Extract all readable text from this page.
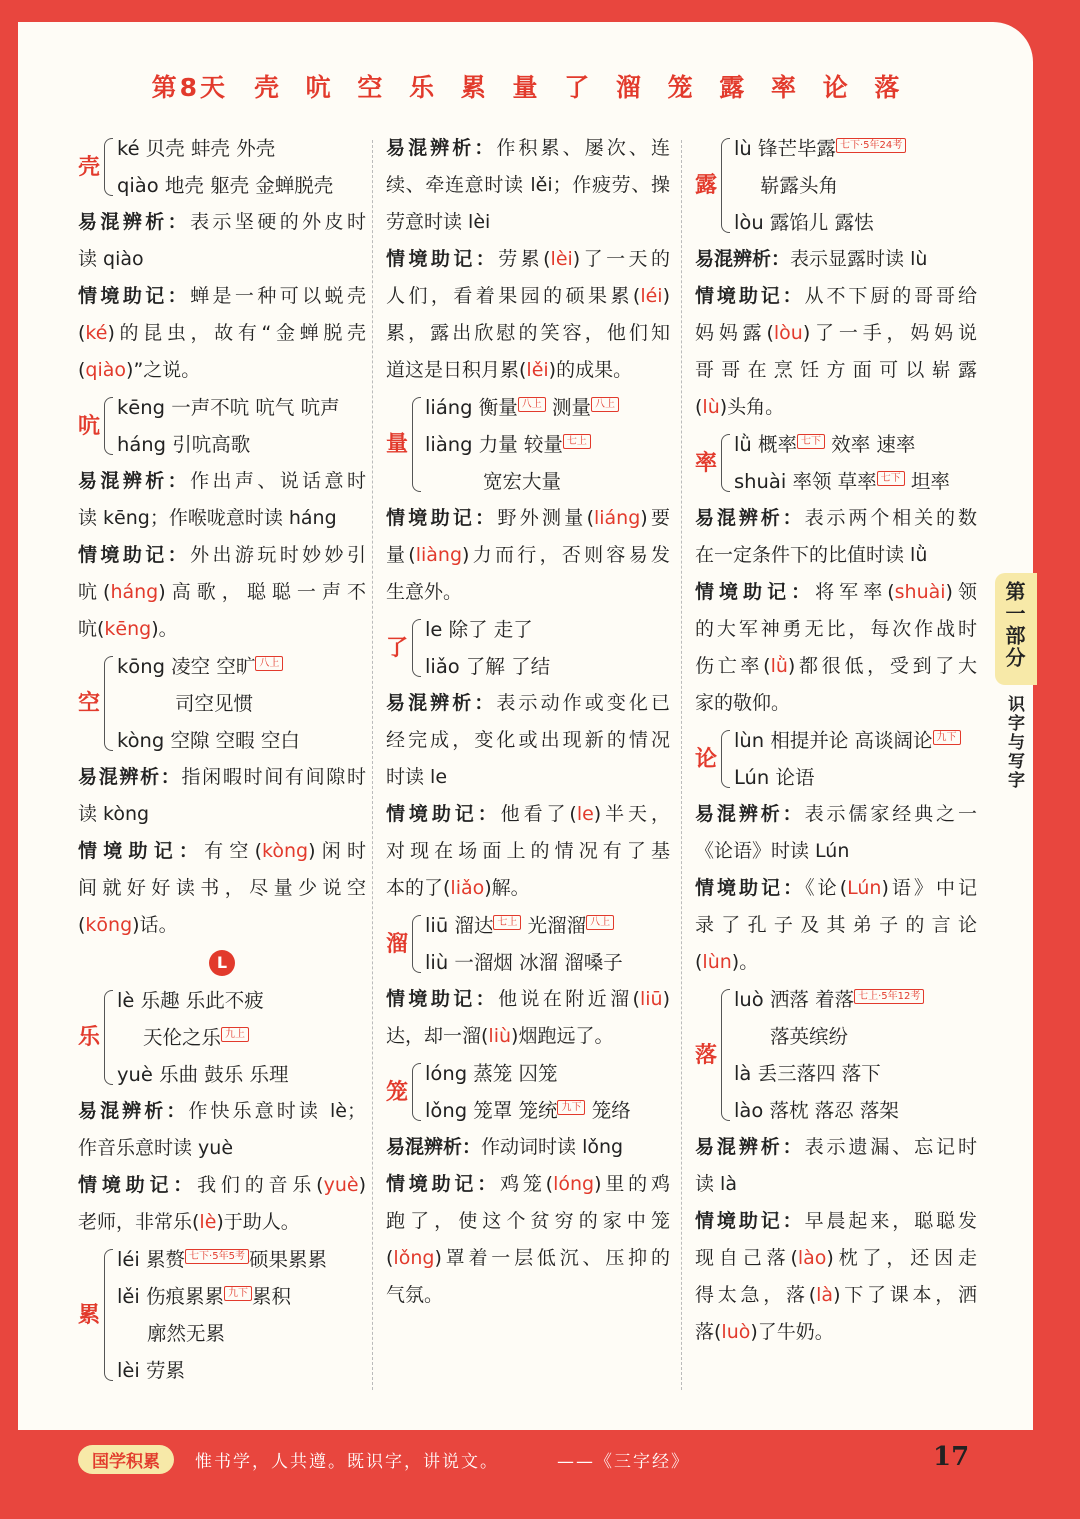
第8天 壳 吭 空 乐 累 量 了 溜 笼 露 率 论 落
壳
ké 贝壳 蚌壳 外壳
qiào 地壳 躯壳 金蝉脱壳
易混辨析：表示坚硬的外皮时
读 qiào
情境助记：蝉是一种可以蜕壳
(ké)的昆虫，故有“金蝉脱壳
(qiào)”之说。
吭
kēng 一声不吭 吭气 吭声
háng 引吭高歌
易混辨析：作出声、说话意时
读 kēng；作喉咙意时读 háng
情境助记：外出游玩时妙妙引
吭(háng)高歌，聪聪一声不
吭(kēng)。
空
kōng 凌空 空旷 八上
司空见惯
kòng 空隙 空暇 空白
易混辨析：指闲暇时间有间隙时
读 kòng
情境助记：有空(kòng)闲时
间就好好读书，尽量少说空
(kōng)话。
L
乐
lè 乐趣 乐此不疲
天伦之乐 九上
yuè 乐曲 鼓乐 乐理
易混辨析：作快乐意时读 lè；
作音乐意时读 yuè
情境助记：我们的音乐(yuè)
老师，非常乐(lè)于助人。
累
léi 累赘 七下·5年5考 硕果累累
lěi 伤痕累累 九下 累积
廓然无累
lèi 劳累
易混辨析：作积累、屡次、连
续、牵连意时读 lěi；作疲劳、操
劳意时读 lèi
情境助记：劳累(lèi)了一天的
人们，看着果园的硕果累(léi)
累，露出欣慰的笑容，他们知
道这是日积月累(lěi)的成果。
量
liáng 衡量 八上 测量 八上
liàng 力量 较量 七上
宽宏大量
情境助记：野外测量(liáng)要
量(liàng)力而行，否则容易发
生意外。
了
le 除了 走了
liǎo 了解 了结
易混辨析：表示动作或变化已
经完成，变化或出现新的情况
时读 le
情境助记：他看了(le)半天，
对现在场面上的情况有了基
本的了(liǎo)解。
溜
liū 溜达 七上 光溜溜 八上
liù 一溜烟 冰溜 溜嗓子
情境助记：他说在附近溜(liū)
达，却一溜(liù)烟跑远了。
笼
lóng 蒸笼 囚笼
lǒng 笼罩 笼统 九下 笼络
易混辨析：作动词时读 lǒng
情境助记：鸡笼(lóng)里的鸡
跑了，使这个贫穷的家中笼
(lǒng)罩着一层低沉、压抑的
气氛。
露
lù 锋芒毕露 七下·5年24考
崭露头角
lòu 露馅儿 露怯
易混辨析：表示显露时读 lù
情境助记：从不下厨的哥哥给
妈妈露(lòu)了一手，妈妈说
哥哥在烹饪方面可以崭露
(lù)头角。
率
lǜ 概率 七下 效率 速率
shuài 率领 草率 七下 坦率
易混辨析：表示两个相关的数
在一定条件下的比值时读 lǜ
情境助记：将军率(shuài)领
的大军神勇无比，每次作战时
伤亡率(lǜ)都很低，受到了大
家的敬仰。
论
lùn 相提并论 高谈阔论 九下
Lún 论语
易混辨析：表示儒家经典之一
《论语》时读 Lún
情境助记：《论(Lún)语》中记
录了孔子及其弟子的言论
(lùn)。
落
luò 洒落 着落 七上·5年12考
落英缤纷
là 丢三落四 落下
lào 落枕 落忍 落架
易混辨析：表示遗漏、忘记时
读 là
情境助记：早晨起来，聪聪发
现自己落(lào)枕了，还因走
得太急，落(là)下了课本，洒
落(luò)了牛奶。
第一部分
识字与写字
国学积累	惟书学，人共遵。既识字，讲说文。	——《三字经》	17
